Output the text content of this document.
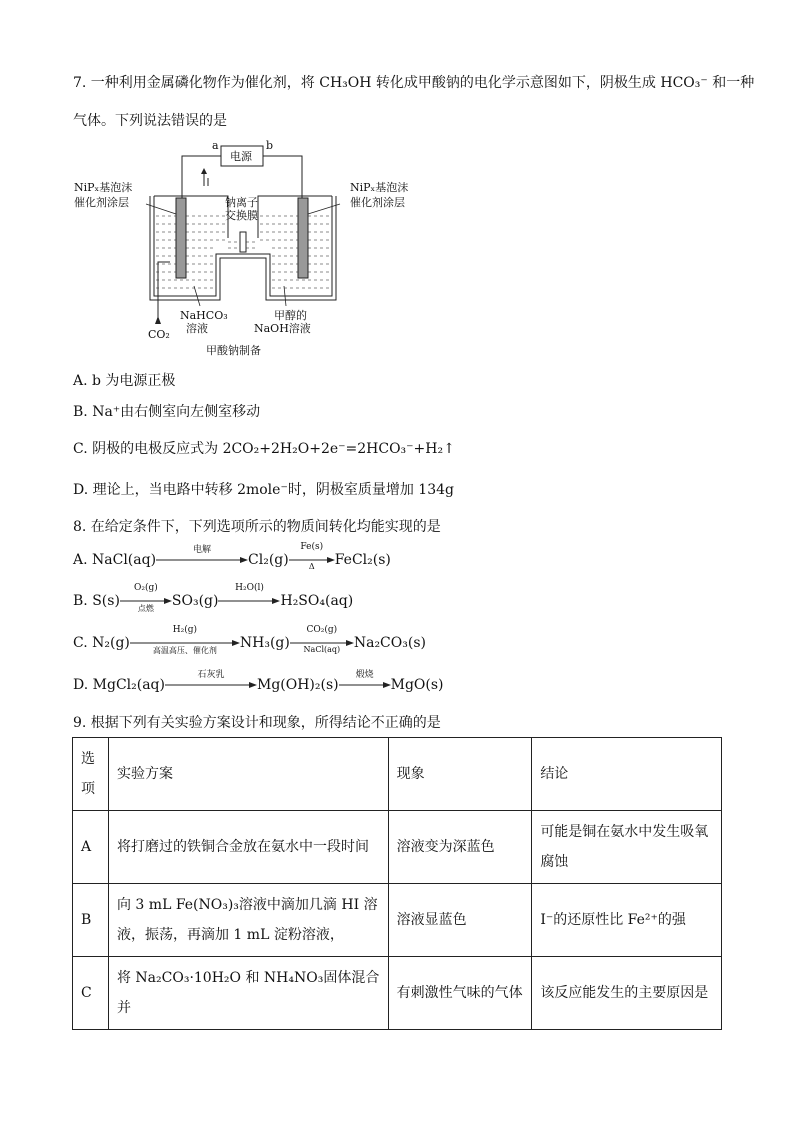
7. 一种利用金属磷化物作为催化剂，将 CH₃OH 转化成甲酸钠的电化学示意图如下，阴极生成 HCO₃⁻ 和一种
气体。下列说法错误的是
电源
a	b
NiPₓ基泡沫
催化剂涂层
NiPₓ基泡沫
催化剂涂层
钠离子
交换膜
NaHCO₃
溶液
甲醇的
NaOH溶液
CO₂
甲酸钠制备
A. b 为电源正极
B. Na⁺由右侧室向左侧室移动
C. 阴极的电极反应式为 2CO₂+2H₂O+2e⁻=2HCO₃⁻+H₂↑
D. 理论上，当电路中转移 2mole⁻时，阴极室质量增加 134g
8. 在给定条件下，下列选项所示的物质间转化均能实现的是
A. NaCl(aq)
电解
Cl₂(g)
Fe(s)
Δ	FeCl₂(s)
B. S(s)
O₂(g)
点燃	SO₃(g)
H₂O(l)
H₂SO₄(aq)
C. N₂(g)
H₂(g)
高温高压、催化剂	NH₃(g)
CO₂(g)
NaCl(aq) Na₂CO₃(s)
D. MgCl₂(aq)
石灰乳
Mg(OH)₂(s)
煅烧
MgO(s)
9. 根据下列有关实验方案设计和现象，所得结论不正确的是
选项	实验方案	现象	结论
A	将打磨过的铁铜合金放在氨水中一段时间	溶液变为深蓝色	可能是铜在氨水中发生吸氧腐蚀
B	向 3 mL Fe(NO₃)₃溶液中滴加几滴 HI 溶液，振荡，再滴加 1 mL 淀粉溶液，	溶液显蓝色	I⁻的还原性比 Fe²⁺的强
C	将 Na₂CO₃·10H₂O 和 NH₄NO₃固体混合并	有刺激性气味的气体	该反应能发生的主要原因是
